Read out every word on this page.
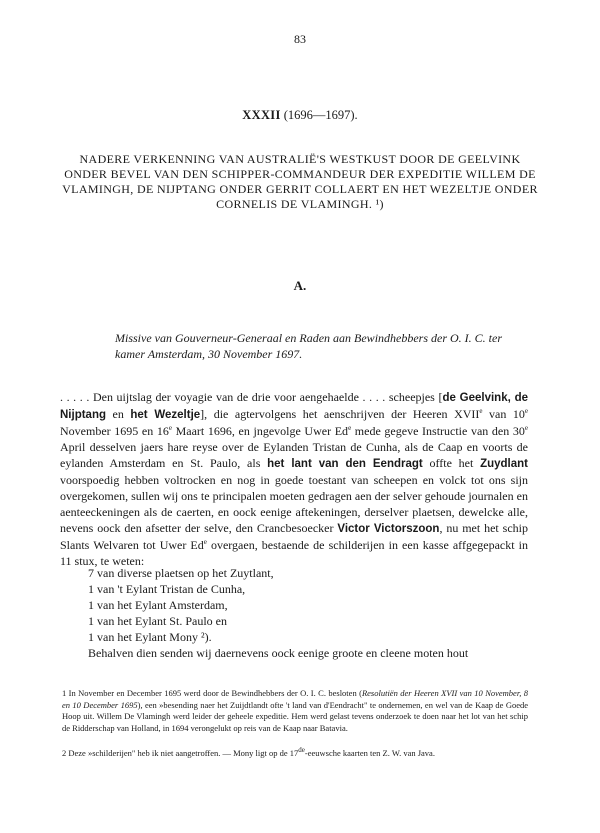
83
XXXII (1696—1697).
NADERE VERKENNING VAN AUSTRALIË'S WESTKUST DOOR DE GEELVINK ONDER BEVEL VAN DEN SCHIPPER-COMMANDEUR DER EXPEDITIE WILLEM DE VLAMINGH, DE NIJPTANG ONDER GERRIT COLLAERT EN HET WEZELTJE ONDER CORNELIS DE VLAMINGH. ¹)
A.
Missive van Gouverneur-Generaal en Raden aan Bewindhebbers der O. I. C. ter kamer Amsterdam, 30 November 1697.

. . . . . Den uijtslag der voyagie van de drie voor aengehaelde . . . . scheepjes [de Geelvink, de Nijptang en het Wezeltje], die agtervolgens het aenschrijven der Heeren XVIIe van 10e November 1695 en 16e Maart 1696, en jngevolge Uwer Ed$^e$ mede gegeve Instructie van den 30e April desselven jaers hare reyse over de Eylanden Tristan de Cunha, als de Caap en voorts de eylanden Amsterdam en St. Paulo, als het lant van den Eendragt offte het Zuydlant voorspoedig hebben voltrocken en nog in goede toestant van scheepen en volck tot ons sijn overgekomen, sullen wij ons te principalen moeten gedragen aen der selver gehoude journalen en aenteeckeningen als de caerten, en oock eenige aftekeningen, derselver plaetsen, dewelcke alle, nevens oock den afsetter der selve, den Crancbesoecker Victor Victorszoon, nu met het schip Slants Welvaren tot Uwer Ed$^e$ overgaen, bestaende de schilderijen in een kasse affgegepackt in 11 stux, te weten:

7 van diverse plaetsen op het Zuytlant,
1 van 't Eylant Tristan de Cunha,
1 van het Eylant Amsterdam,
1 van het Eylant St. Paulo en
1 van het Eylant Mony ²).
Behalven dien senden wij daernevens oock eenige groote en cleene moten hout
1 In November en December 1695 werd door de Bewindhebbers der O. I. C. besloten (Resolutiën der Heeren XVII van 10 November, 8 en 10 December 1695), een »besending naer het Zuijdtlandt ofte 't land van d'Eendracht" te ondernemen, en wel van de Kaap de Goede Hoop uit. Willem De Vlamingh werd leider der geheele expeditie. Hem werd gelast tevens onderzoek te doen naar het lot van het schip de Ridderschap van Holland, in 1694 verongelukt op reis van de Kaap naar Batavia.
2 Deze »schilderijen" heb ik niet aangetroffen. — Mony ligt op de 17de-eeuwsche kaarten ten Z. W. van Java.
